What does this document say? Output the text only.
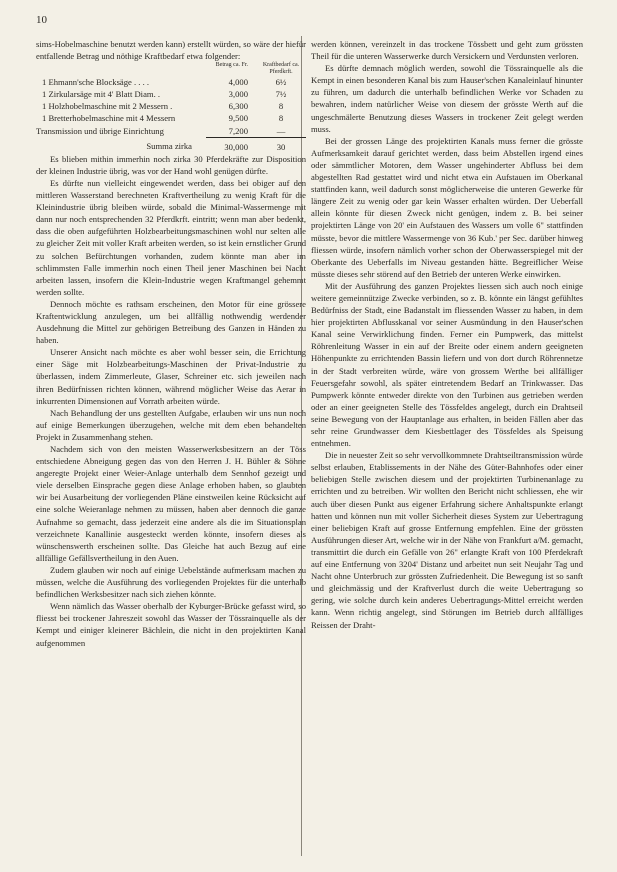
10

sims-Hobelmaschine benutzt werden kann) erstellt würden, so wäre der hiefür entfallende Betrag und nöthige Kraftbedarf etwa folgender:

	Betrag ca. Fr.	Kraftbedarf ca. Pferdkrft.
1 Ehmann'sche Blocksäge . . . .	4,000	6½
1 Zirkularsäge mit 4' Blatt Diam. .	3,000	7½
1 Holzhobelmaschine mit 2 Messern .	6,300	8
1 Bretterhobelmaschine mit 4 Messern	9,500	8
Transmission und übrige Einrichtung	7,200	—
Summa zirka	30,000	30

Es blieben mithin immerhin noch zirka 30 Pferdekräfte zur Disposition der kleinen Industrie übrig, was vor der Hand wohl genügen dürfte.

Es dürfte nun vielleicht eingewendet werden, dass bei obiger auf den mittleren Wasserstand berechneten Kraftvertheilung zu wenig Kraft für die Kleinindustrie übrig bleiben würde, sobald die Minimal-Wassermenge mit dann nur noch entsprechenden 32 Pferdkrft. eintritt; wenn man aber bedenkt, dass die oben aufgeführten Holzbearbeitungsmaschinen wohl nur selten alle zu gleicher Zeit mit voller Kraft arbeiten werden, so ist kein ernstlicher Grund zu solchen Befürchtungen vorhanden, zudem könnte man aber im schlimmsten Falle immerhin noch einen Theil jener Maschinen bei Nacht arbeiten lassen, insofern die Klein-Industrie wegen Kraftmangel gehemmt werden sollte.

Dennoch möchte es rathsam erscheinen, den Motor für eine grössere Kraftentwicklung anzulegen, um bei allfällig nothwendig werdender Ausdehnung die Mittel zur gehörigen Betreibung des Ganzen in Händen zu haben.

Unserer Ansicht nach möchte es aber wohl besser sein, die Errichtung einer Säge mit Holzbearbeitungs-Maschinen der Privat-Industrie zu überlassen, indem Zimmerleute, Glaser, Schreiner etc. sich jeweilen nach ihren Bedürfnissen richten können, während möglicher Weise das Aerar in inkurrenten Dimensionen auf Vorrath arbeiten würde.

Nach Behandlung der uns gestellten Aufgabe, erlauben wir uns nun noch auf einige Bemerkungen überzugehen, welche mit dem eben behandelten Projekt in Zusammenhang stehen.

Nachdem sich von den meisten Wasserwerksbesitzern an der Töss entschiedene Abneigung gegen das von den Herren J. H. Bühler & Söhne angeregte Projekt einer Weier-Anlage unterhalb dem Sennhof gezeigt und viele derselben Einsprache gegen diese Anlage erhoben haben, so glaubten wir bei Ausarbeitung der vorliegenden Pläne einstweilen keine Rücksicht auf eine solche Weieranlage nehmen zu müssen, haben aber dennoch die ganze Aufnahme so gemacht, dass jederzeit eine andere als die im Situationsplan verzeichnete Kanallinie ausgesteckt werden könnte, insofern dieses als wünschenswerth erscheinen sollte. Das Gleiche hat auch Bezug auf eine allfällige Gefällsvertheilung in den Auen.

Zudem glauben wir noch auf einige Uebelstände aufmerksam machen zu müssen, welche die Ausführung des vorliegenden Projektes für die unterhalb befindlichen Werksbesitzer nach sich ziehen könnte.

Wenn nämlich das Wasser oberhalb der Kyburger-Brücke gefasst wird, so fliesst bei trockener Jahreszeit sowohl das Wasser der Tössrainquelle als der Kempt und einiger kleinerer Bächlein, die nicht in den projektirten Kanal aufgenommen

werden können, vereinzelt in das trockene Tössbett und geht zum grössten Theil für die unteren Wasserwerke durch Versickern und Verdunsten verloren.

Es dürfte demnach möglich werden, sowohl die Tössrainquelle als die Kempt in einen besonderen Kanal bis zum Hauser'schen Kanaleinlauf hinunter zu führen, um dadurch die unterhalb befindlichen Werke vor Schaden zu bewahren, indem natürlicher Weise von diesem der grösste Werth auf die ungeschmälerte Benutzung dieses Wassers in trockener Zeit gelegt werden muss.

Bei der grossen Länge des projektirten Kanals muss ferner die grösste Aufmerksamkeit darauf gerichtet werden, dass beim Abstellen irgend eines oder sämmtlicher Motoren, dem Wasser ungehinderter Abfluss bei dem abgestellten Rad gestattet wird und nicht etwa ein Aufstauen im Oberkanal stattfinden kann, weil dadurch sonst möglicherweise die unteren Gewerke für längere Zeit zu wenig oder gar kein Wasser erhalten würden. Der Ueberfall allein könnte für diesen Zweck nicht genügen, indem z. B. bei seiner projektirten Länge von 20' ein Aufstauen des Wassers um volle 6" stattfinden müsste, bevor die mittlere Wassermenge von 36 Kub.' per Sec. darüber hinweg fliessen würde, insofern nämlich vorher schon der Oberwasserspiegel mit der Oberkante des Ueberfalls im Niveau gestanden hätte. Begreiflicher Weise müsste dieses sehr störend auf den Betrieb der unteren Werke einwirken.

Mit der Ausführung des ganzen Projektes liessen sich auch noch einige weitere gemeinnützige Zwecke verbinden, so z. B. könnte ein längst gefühltes Bedürfniss der Stadt, eine Badanstalt im fliessenden Wasser zu haben, in dem hier projektirten Abflusskanal vor seiner Ausmündung in den Hauser'schen Kanal seine Verwirklichung finden. Ferner ein Pumpwerk, das mittelst Röhrenleitung Wasser in ein auf der Breite oder einem andern geeigneten Höhenpunkte zu errichtenden Bassin liefern und von dort durch Röhrennetze in der Stadt verbreiten würde, wäre von grossem Werthe bei allfälliger Feuersgefahr sowohl, als später eintretendem Bedarf an Trinkwasser. Das Pumpwerk könnte entweder direkte von den Turbinen aus getrieben werden oder an einer geeigneten Stelle des Tössfeldes angelegt, durch ein Drahtseil seine Bewegung von der Hauptanlage aus erhalten, in beiden Fällen aber das sehr reine Grundwasser dem Kiesbettlager des Tössfeldes als Speisung entnehmen.

Die in neuester Zeit so sehr vervollkommnete Drahtseiltransmission würde selbst erlauben, Etablissements in der Nähe des Güter-Bahnhofes oder einer beliebigen Stelle zwischen diesem und der projektirten Turbinenanlage zu errichten und zu betreiben. Wir wollten den Bericht nicht schliessen, ehe wir auch über diesen Punkt aus eigener Erfahrung sichere Anhaltspunkte erlangt hatten und können nun mit voller Sicherheit dieses System zur Uebertragung einer beliebigen Kraft auf grosse Entfernung empfehlen. Eine der grössten Ausführungen dieser Art, welche wir in der Nähe von Frankfurt a/M. gemacht, transmittirt die durch ein Gefälle von 26" erlangte Kraft von 100 Pferdekraft auf eine Entfernung von 3204' Distanz und arbeitet nun seit Neujahr Tag und Nacht ohne Unterbruch zur grössten Zufriedenheit. Die Bewegung ist so sanft und gleichmässig und der Kraftverlust durch die weite Uebertragung so gering, wie solche durch kein anderes Uebertragungs-Mittel erreicht werden kann. Wenn richtig angelegt, sind Störungen im Betrieb durch allfälliges Reissen der Draht-
